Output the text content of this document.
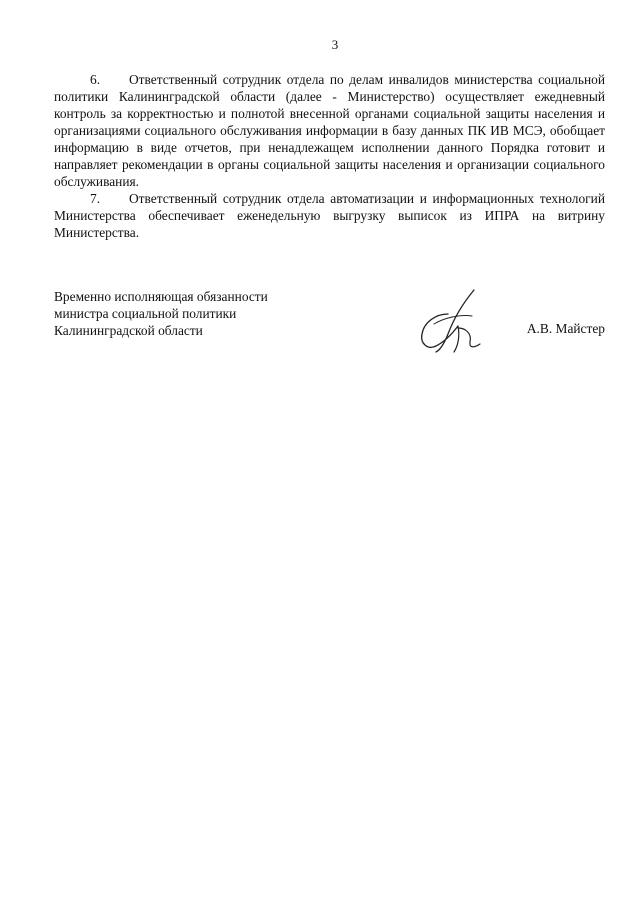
3

6. Ответственный сотрудник отдела по делам инвалидов министерства социальной политики Калининградской области (далее - Министерство) осуществляет ежедневный контроль за корректностью и полнотой внесенной органами социальной защиты населения и организациями социального обслуживания информации в базу данных ПК ИВ МСЭ, обобщает информацию в виде отчетов, при ненадлежащем исполнении данного Порядка готовит и направляет рекомендации в органы социальной защиты населения и организации социального обслуживания.

7. Ответственный сотрудник отдела автоматизации и информационных технологий Министерства обеспечивает еженедельную выгрузку выписок из ИПРА на витрину Министерства.

Временно исполняющая обязанности
министра социальной политики
Калининградской области	А.В. Майстер
